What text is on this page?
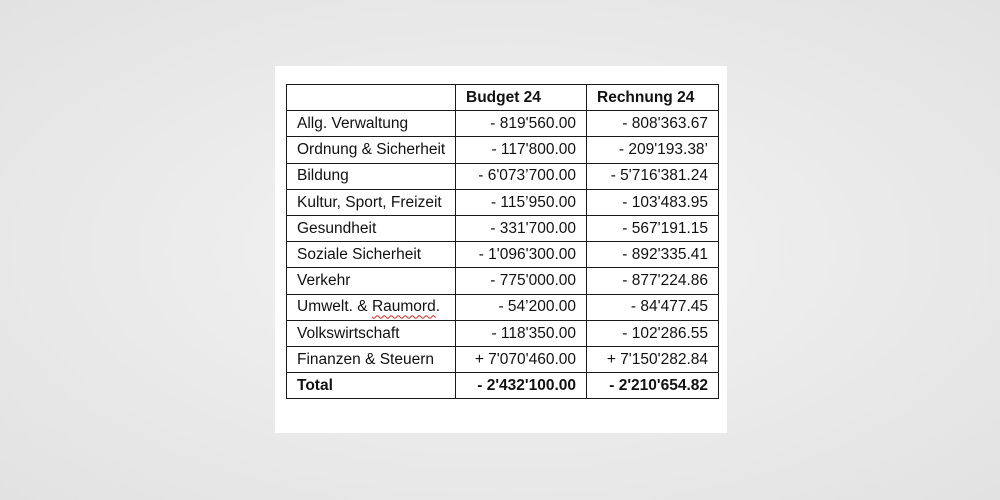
	Budget 24	Rechnung 24
Allg. Verwaltung	- 819'560.00	- 808'363.67
Ordnung & Sicherheit	- 117'800.00	- 209'193.38’
Bildung	- 6'073’700.00	- 5'716'381.24
Kultur, Sport, Freizeit	- 115’950.00	- 103'483.95
Gesundheit	- 331'700.00	- 567'191.15
Soziale Sicherheit	- 1'096'300.00	- 892'335.41
Verkehr	- 775'000.00	- 877'224.86
Umwelt. & Raumord.	- 54’200.00	- 84'477.45
Volkswirtschaft	- 118'350.00	- 102'286.55
Finanzen & Steuern	+ 7'070'460.00	+ 7'150'282.84
Total	- 2'432'100.00	- 2'210'654.82
